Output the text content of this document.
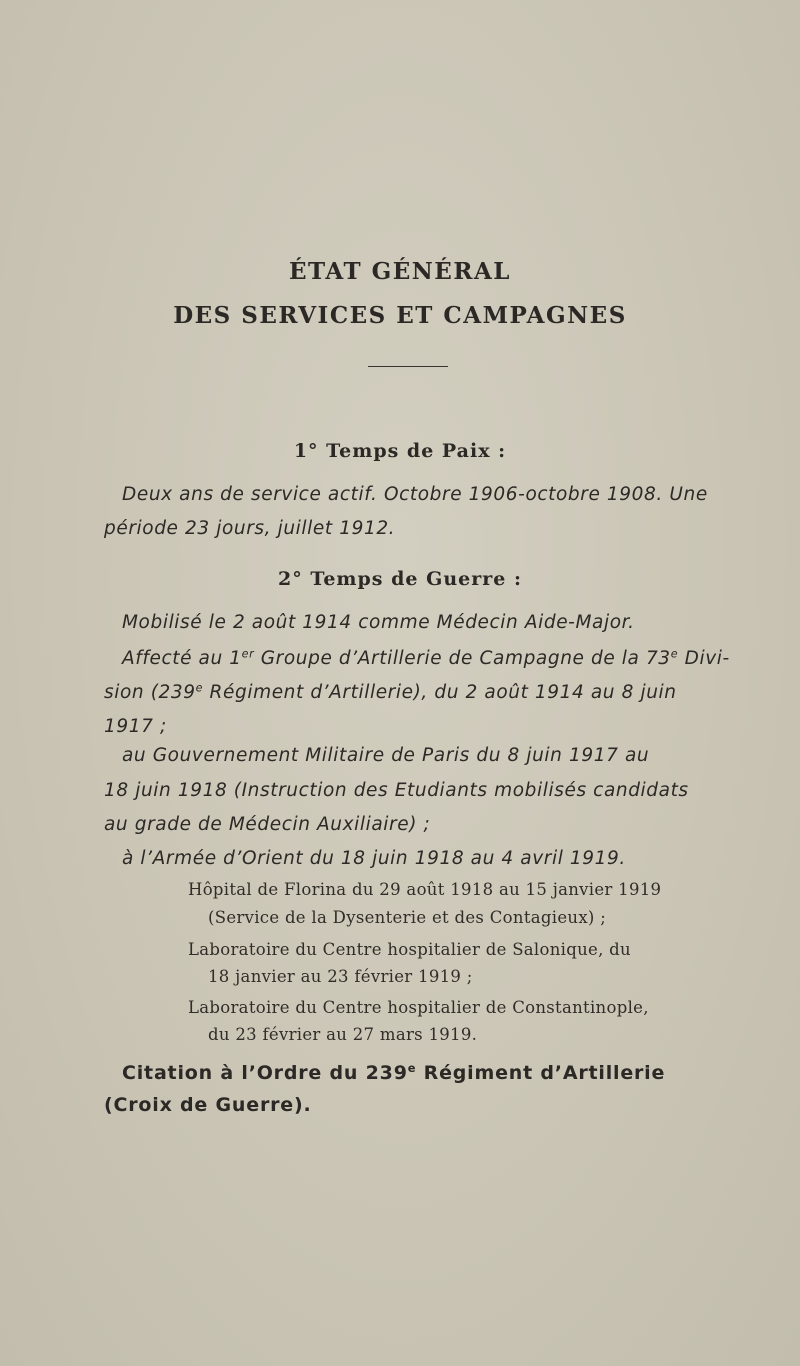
ÉTAT GÉNÉRAL
DES SERVICES ET CAMPAGNES
1° Temps de Paix :
Deux ans de service actif. Octobre 1906-octobre 1908. Une
période 23 jours, juillet 1912.
2° Temps de Guerre :
Mobilisé le 2 août 1914 comme Médecin Aide-Major.
Affecté au 1er Groupe d’Artillerie de Campagne de la 73e Divi-
sion (239e Régiment d’Artillerie), du 2 août 1914 au 8 juin
1917 ;
au Gouvernement Militaire de Paris du 8 juin 1917 au
18 juin 1918 (Instruction des Etudiants mobilisés candidats
au grade de Médecin Auxiliaire) ;
à l’Armée d’Orient du 18 juin 1918 au 4 avril 1919.
Hôpital de Florina du 29 août 1918 au 15 janvier 1919
(Service de la Dysenterie et des Contagieux) ;
Laboratoire du Centre hospitalier de Salonique, du
18 janvier au 23 février 1919 ;
Laboratoire du Centre hospitalier de Constantinople,
du 23 février au 27 mars 1919.
Citation à l’Ordre du 239e Régiment d’Artillerie
(Croix de Guerre).
